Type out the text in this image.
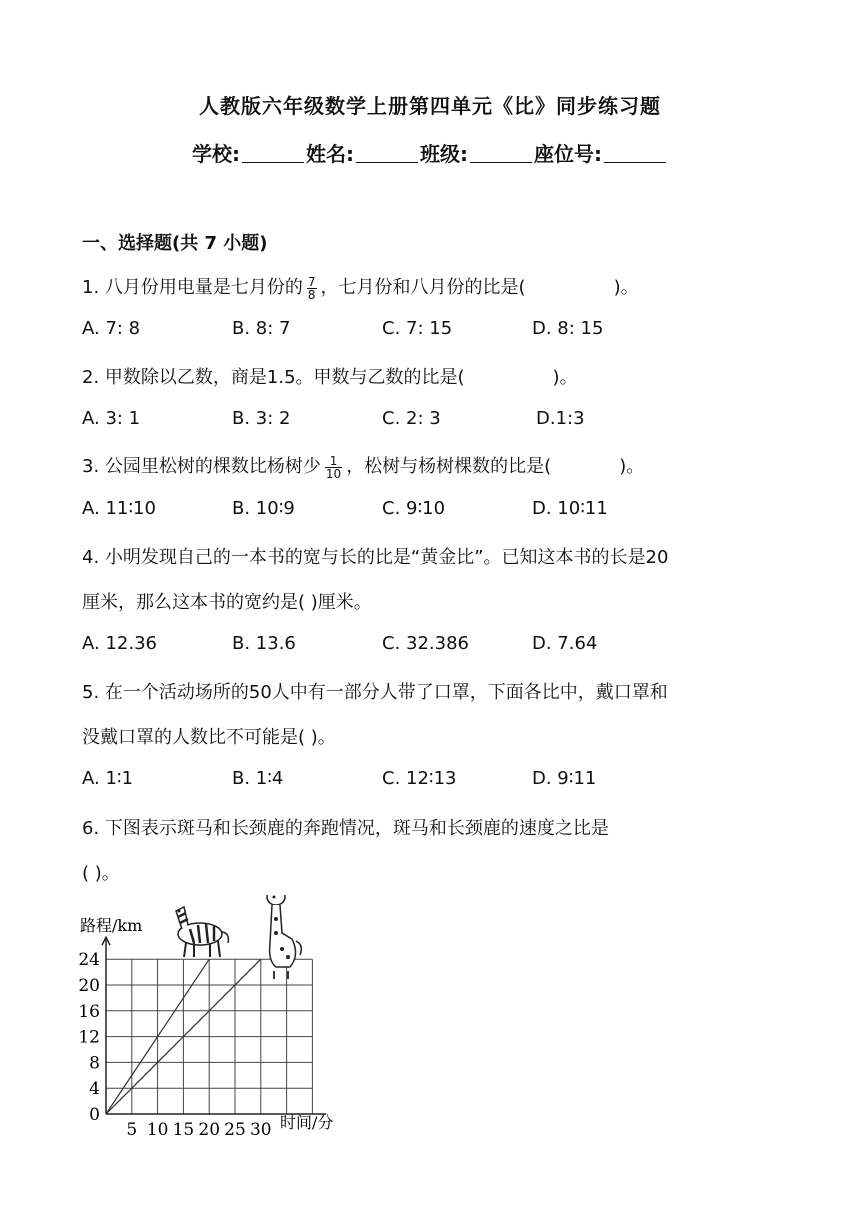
人教版六年级数学上册第四单元《比》同步练习题
学校:	姓名:	班级:	座位号:
一、选择题(共 7 小题)
1. 八月份用电量是七月份的 $\frac{7}{8}$ ，七月份和八月份的比是(	)。
A. 7: 8	B. 8: 7	C. 7: 15	D. 8: 15
2. 甲数除以乙数，商是1.5。甲数与乙数的比是(	)。
A. 3: 1	B. 3: 2	C. 2: 3	D.1:3
3. 公园里松树的棵数比杨树少 $\frac{1}{10}$ ，松树与杨树棵数的比是(	)。
A. 11∶10	B. 10∶9	C. 9∶10	D. 10∶11
4. 小明发现自己的一本书的宽与长的比是“黄金比”。已知这本书的长是20
厘米，那么这本书的宽约是( )厘米。
A. 12.36	B. 13.6	C. 32.386	D. 7.64
5. 在一个活动场所的50人中有一部分人带了口罩，下面各比中，戴口罩和
没戴口罩的人数比不可能是( )。
A. 1∶1	B. 1∶4	C. 12∶13	D. 9∶11
6. 下图表示斑马和长颈鹿的奔跑情况，斑马和长颈鹿的速度之比是
( )。
路程/km
时间/分
24
20
16
12
8
4
0
5 10 15 20 25 30
